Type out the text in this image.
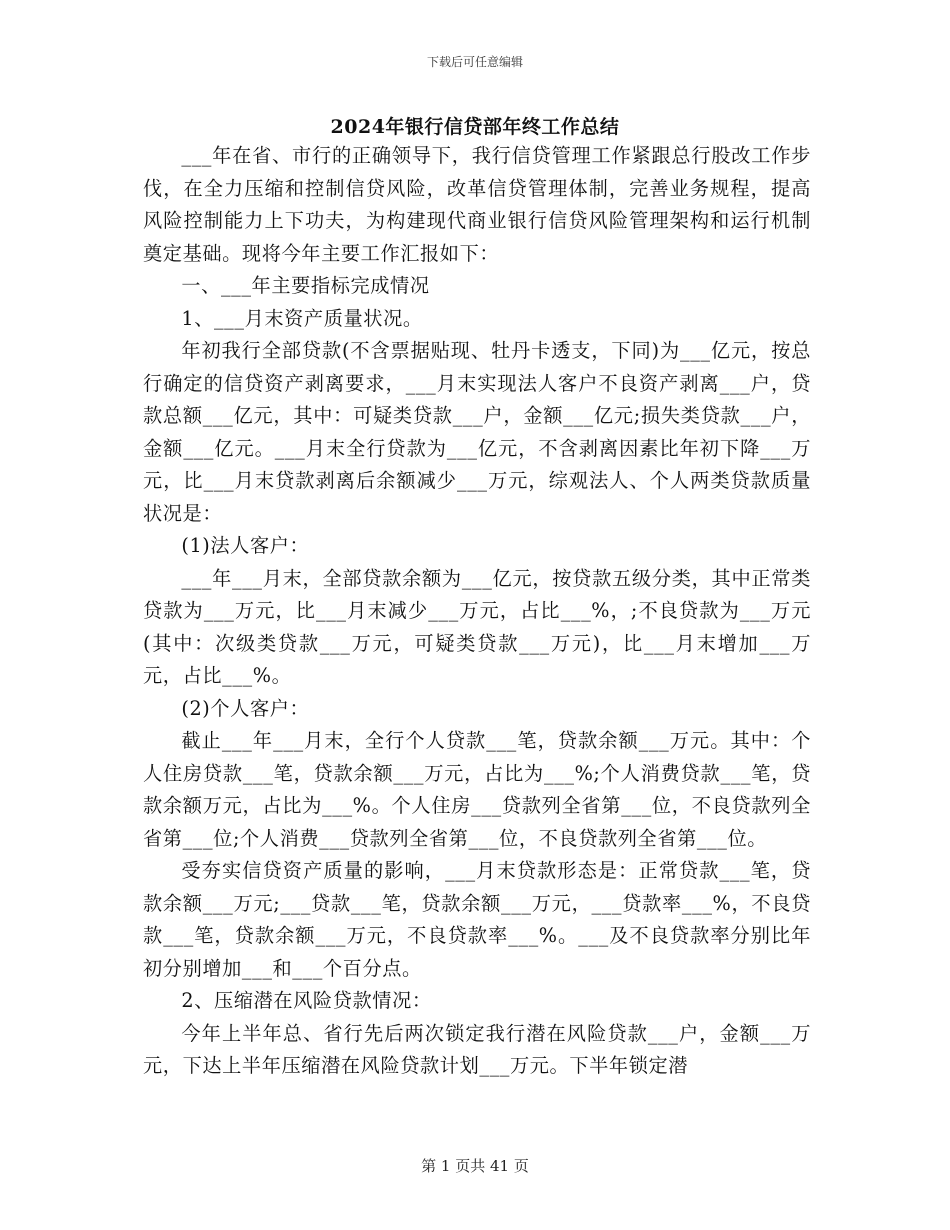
下载后可任意编辑
2024年银行信贷部年终工作总结

___年在省、市行的正确领导下，我行信贷管理工作紧跟总行股改工作步伐，在全力压缩和控制信贷风险，改革信贷管理体制，完善业务规程，提高风险控制能力上下功夫，为构建现代商业银行信贷风险管理架构和运行机制奠定基础。现将今年主要工作汇报如下：

一、___年主要指标完成情况

1、___月末资产质量状况。

年初我行全部贷款(不含票据贴现、牡丹卡透支，下同)为___亿元，按总行确定的信贷资产剥离要求，___月末实现法人客户不良资产剥离___户，贷款总额___亿元，其中：可疑类贷款___户，金额___亿元;损失类贷款___户，金额___亿元。___月末全行贷款为___亿元，不含剥离因素比年初下降___万元，比___月末贷款剥离后余额减少___万元，综观法人、个人两类贷款质量状况是：

(1)法人客户：

___年___月末，全部贷款余额为___亿元，按贷款五级分类，其中正常类贷款为___万元，比___月末减少___万元，占比___%，;不良贷款为___万元(其中：次级类贷款___万元，可疑类贷款___万元)，比___月末增加___万元，占比___%。

(2)个人客户：

截止___年___月末，全行个人贷款___笔，贷款余额___万元。其中：个人住房贷款___笔，贷款余额___万元，占比为___%;个人消费贷款___笔，贷款余额万元，占比为___%。个人住房___贷款列全省第___位，不良贷款列全省第___位;个人消费___贷款列全省第___位，不良贷款列全省第___位。

受夯实信贷资产质量的影响，___月末贷款形态是：正常贷款___笔，贷款余额___万元;___贷款___笔，贷款余额___万元，___贷款率___%，不良贷款___笔，贷款余额___万元，不良贷款率___%。___及不良贷款率分别比年初分别增加___和___个百分点。

2、压缩潜在风险贷款情况：

今年上半年总、省行先后两次锁定我行潜在风险贷款___户，金额___万元，下达上半年压缩潜在风险贷款计划___万元。下半年锁定潜

第 1 页共 41 页
